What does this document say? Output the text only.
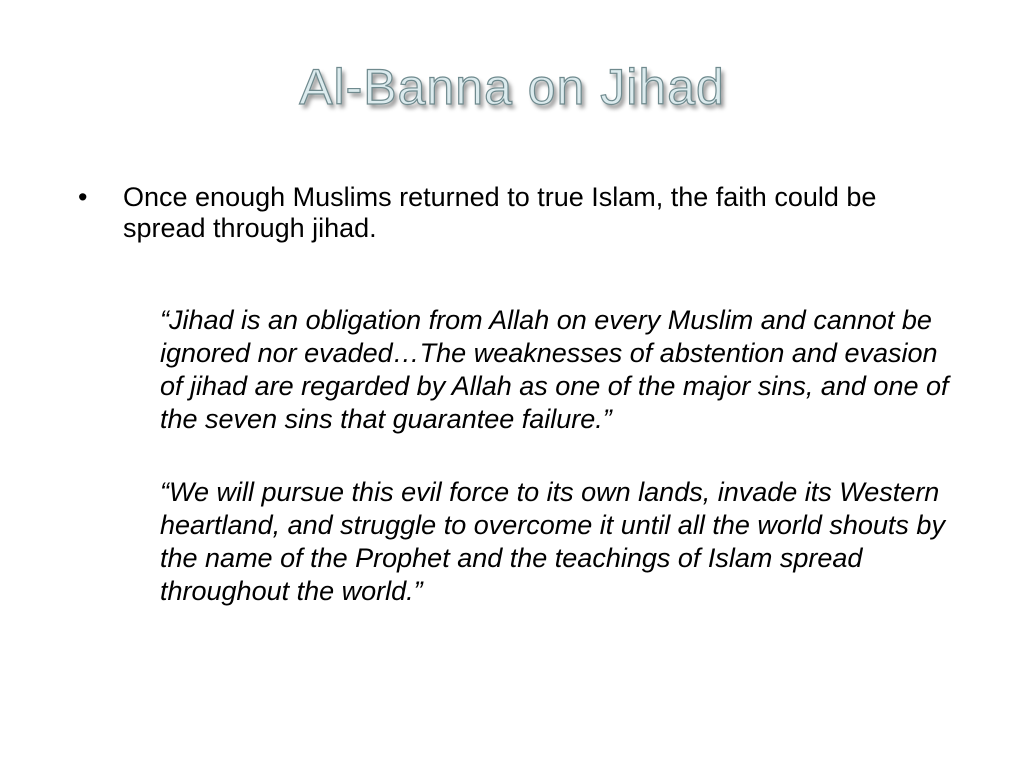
Al-Banna on Jihad
•	Once enough Muslims returned to true Islam, the faith could be spread through jihad.

“Jihad is an obligation from Allah on every Muslim and cannot be ignored nor evaded…The weaknesses of abstention and evasion of jihad are regarded by Allah as one of the major sins, and one of the seven sins that guarantee failure.”

“We will pursue this evil force to its own lands, invade its Western heartland, and struggle to overcome it until all the world shouts by the name of the Prophet and the teachings of Islam spread throughout the world.”
